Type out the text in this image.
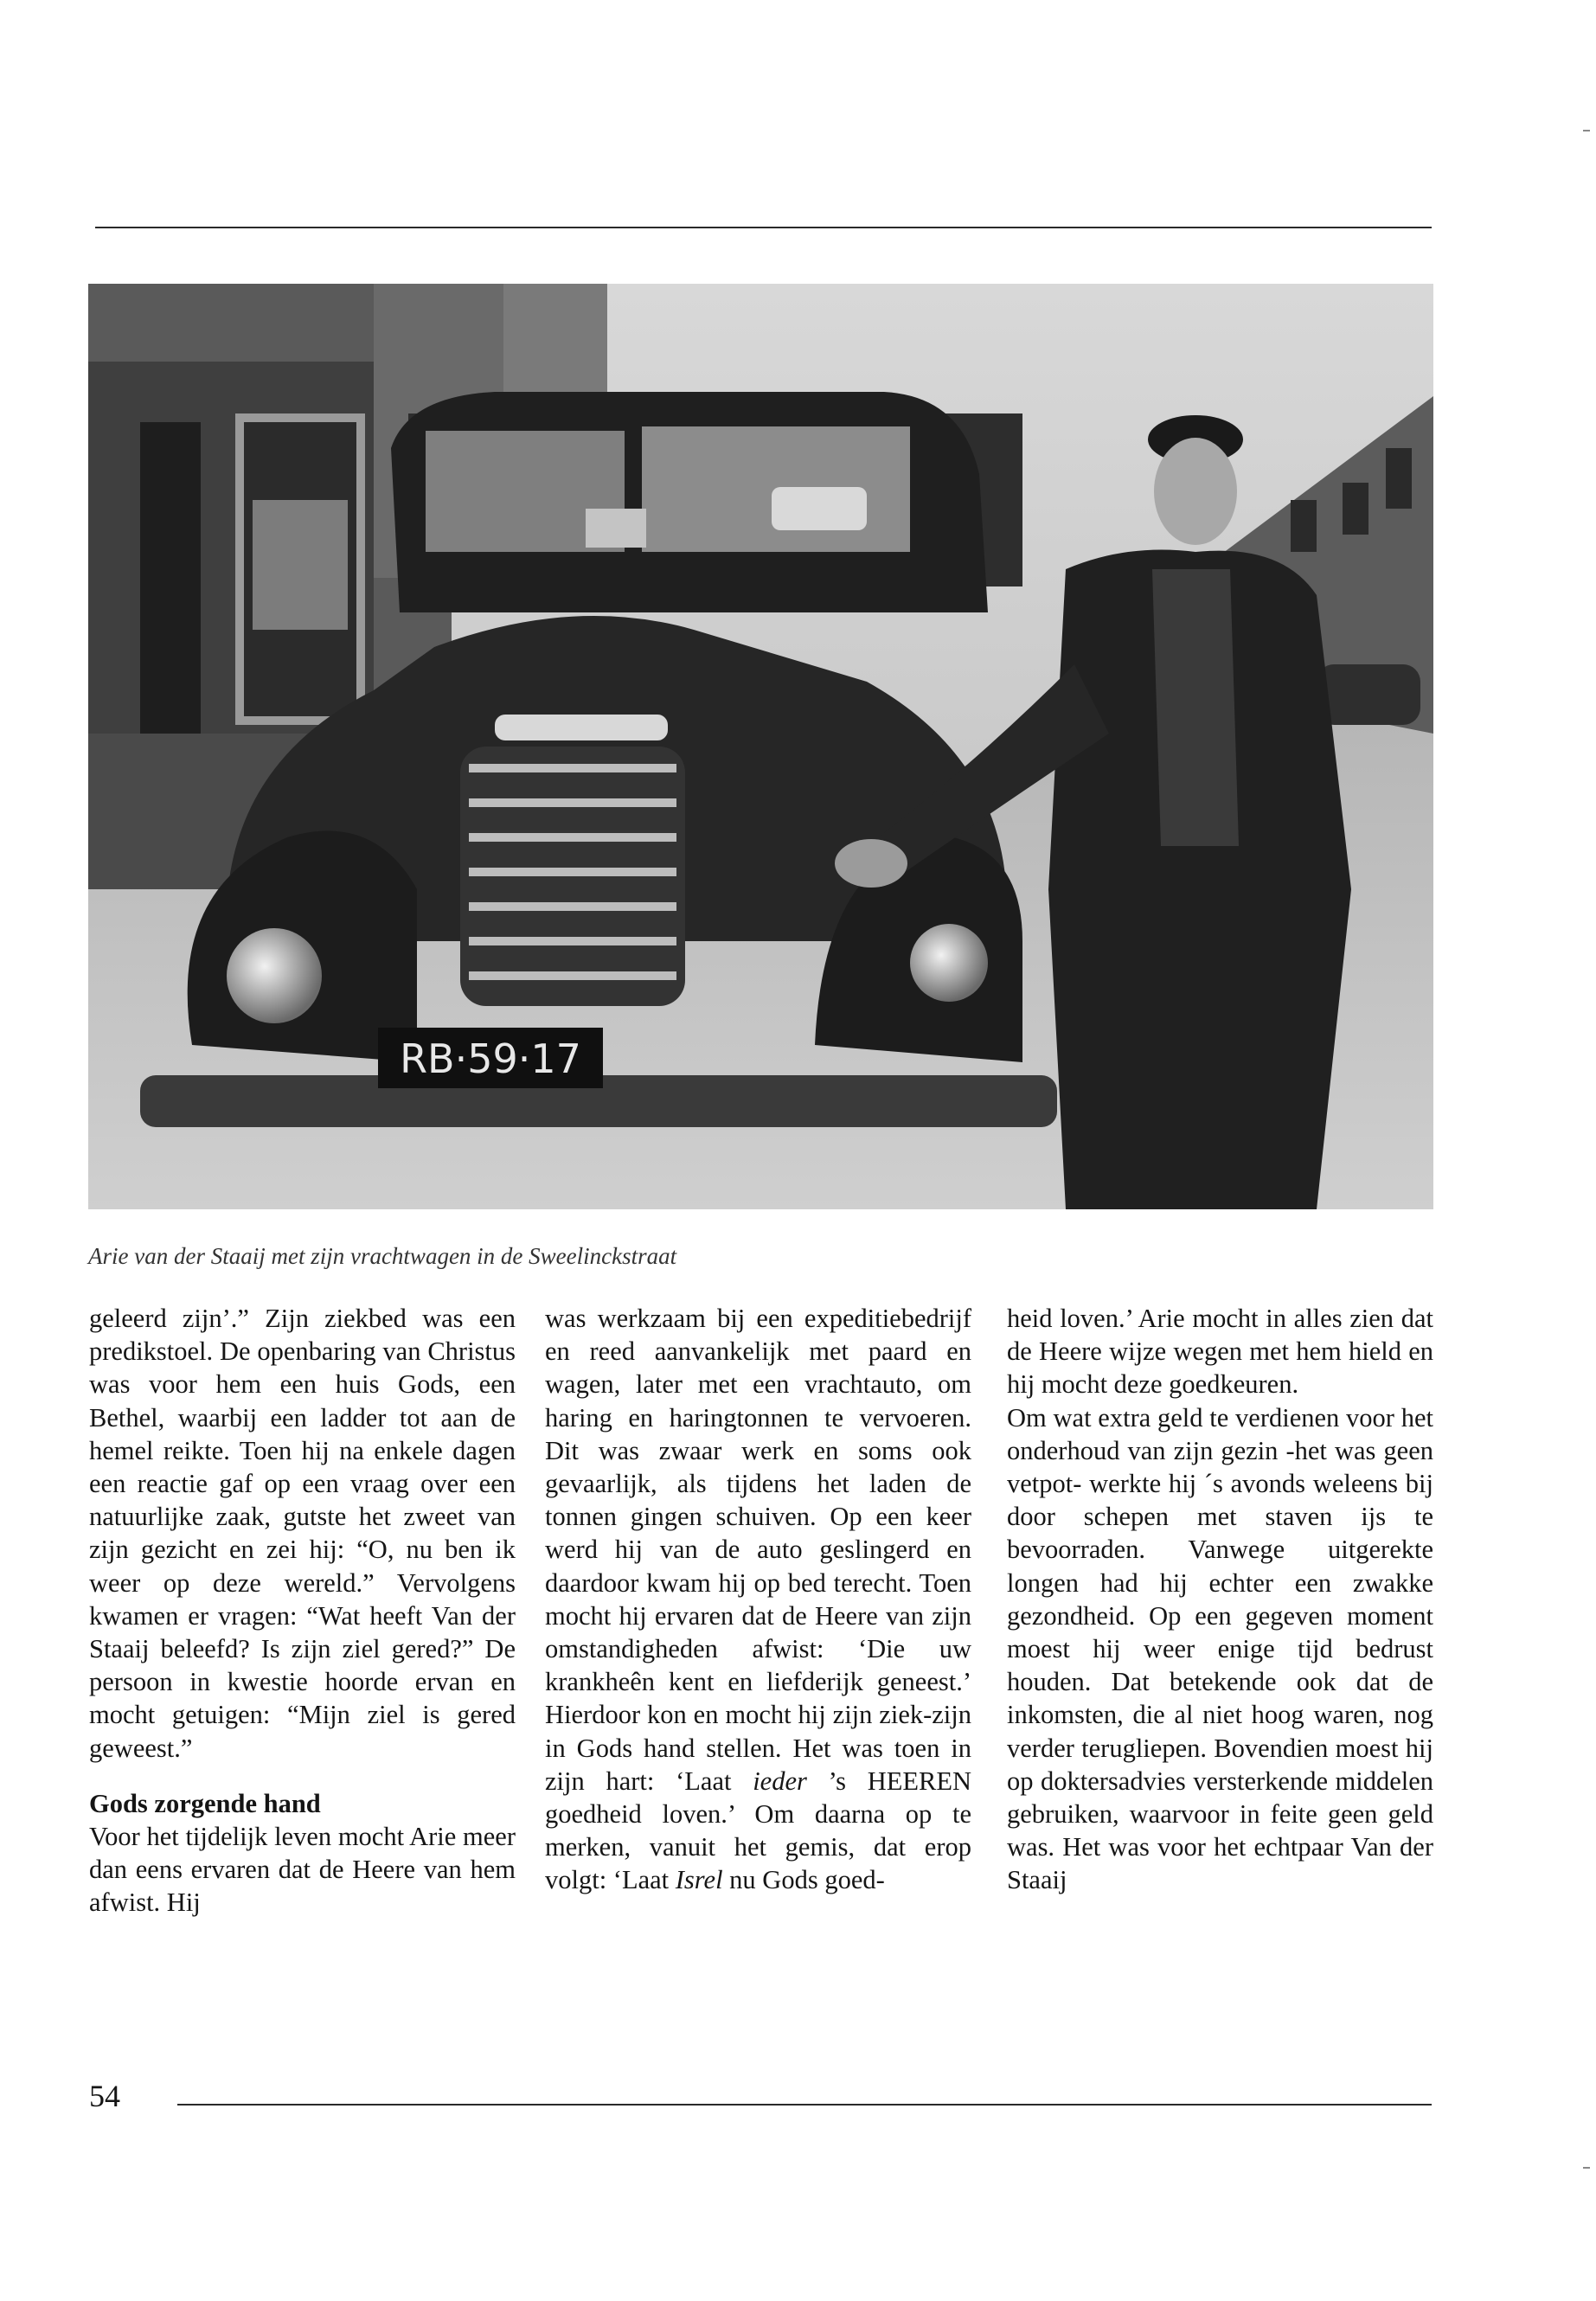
RB·59·17
Arie van der Staaij met zijn vrachtwagen in de Sweelinckstraat

geleerd zijn’.” Zijn ziekbed was een predikstoel. De openbaring van Christus was voor hem een huis Gods, een Bethel, waarbij een ladder tot aan de hemel reikte. Toen hij na enkele dagen een reactie gaf op een vraag over een natuurlijke zaak, gutste het zweet van zijn gezicht en zei hij: “O, nu ben ik weer op deze wereld.” Vervolgens kwamen er vragen: “Wat heeft Van der Staaij beleefd? Is zijn ziel gered?” De persoon in kwestie hoorde ervan en mocht getuigen: “Mijn ziel is gered geweest.”

Gods zorgende hand

Voor het tijdelijk leven mocht Arie meer dan eens ervaren dat de Heere van hem afwist. Hij

was werkzaam bij een expeditiebedrijf en reed aanvankelijk met paard en wagen, later met een vrachtauto, om haring en haringtonnen te vervoeren. Dit was zwaar werk en soms ook gevaarlijk, als tijdens het laden de tonnen gingen schuiven. Op een keer werd hij van de auto geslingerd en daardoor kwam hij op bed terecht. Toen mocht hij ervaren dat de Heere van zijn omstandigheden afwist: ‘Die uw krankheên kent en liefderijk geneest.’ Hierdoor kon en mocht hij zijn ziek-zijn in Gods hand stellen. Het was toen in zijn hart: ‘Laat ieder ’s HEEREN goedheid loven.’ Om daarna op te merken, vanuit het gemis, dat erop volgt: ‘Laat Isrel nu Gods goed-

heid loven.’ Arie mocht in alles zien dat de Heere wijze wegen met hem hield en hij mocht deze goedkeuren.

Om wat extra geld te verdienen voor het onderhoud van zijn gezin -het was geen vetpot- werkte hij ´s avonds weleens bij door schepen met staven ijs te bevoorraden. Vanwege uitgerekte longen had hij echter een zwakke gezondheid. Op een gegeven moment moest hij weer enige tijd bedrust houden. Dat betekende ook dat de inkomsten, die al niet hoog waren, nog verder terugliepen. Bovendien moest hij op doktersadvies versterkende middelen gebruiken, waarvoor in feite geen geld was. Het was voor het echtpaar Van der Staaij

54
